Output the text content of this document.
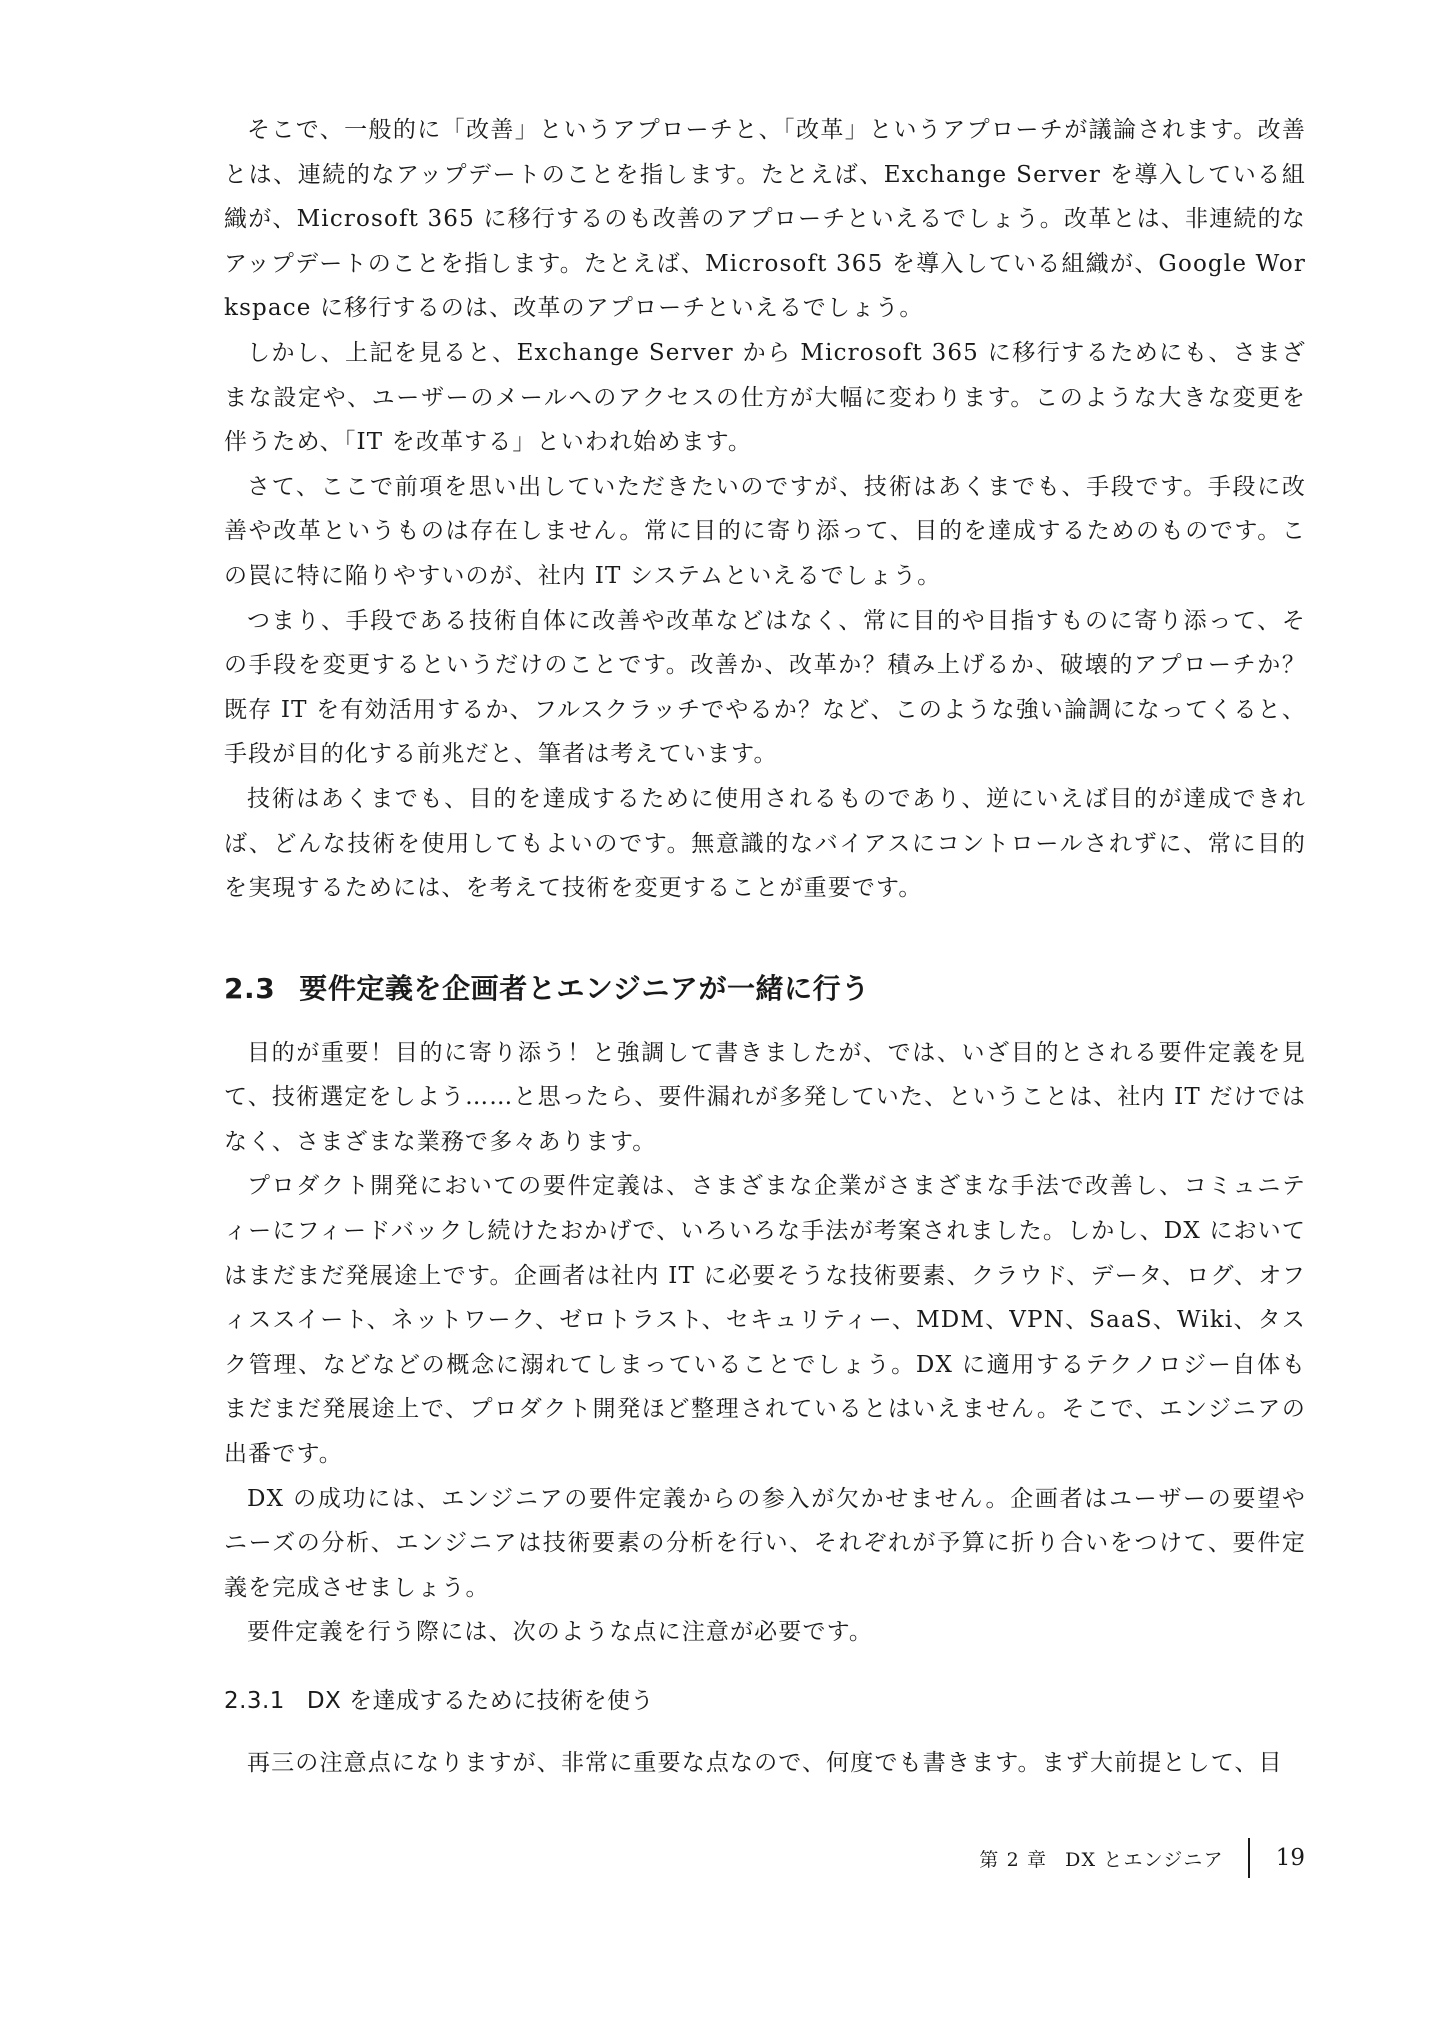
そこで、一般的に「改善」というアプローチと、「改革」というアプローチが議論されます。改善とは、連続的なアップデートのことを指します。たとえば、Exchange Server を導入している組織が、Microsoft 365 に移行するのも改善のアプローチといえるでしょう。改革とは、非連続的なアップデートのことを指します。たとえば、Microsoft 365 を導入している組織が、Google Workspace に移行するのは、改革のアプローチといえるでしょう。

しかし、上記を見ると、Exchange Server から Microsoft 365 に移行するためにも、さまざまな設定や、ユーザーのメールへのアクセスの仕方が大幅に変わります。このような大きな変更を伴うため、「IT を改革する」といわれ始めます。

さて、ここで前項を思い出していただきたいのですが、技術はあくまでも、手段です。手段に改善や改革というものは存在しません。常に目的に寄り添って、目的を達成するためのものです。この罠に特に陥りやすいのが、社内 IT システムといえるでしょう。

つまり、手段である技術自体に改善や改革などはなく、常に目的や目指すものに寄り添って、その手段を変更するというだけのことです。改善か、改革か？積み上げるか、破壊的アプローチか？既存 IT を有効活用するか、フルスクラッチでやるか？など、このような強い論調になってくると、手段が目的化する前兆だと、筆者は考えています。

技術はあくまでも、目的を達成するために使用されるものであり、逆にいえば目的が達成できれば、どんな技術を使用してもよいのです。無意識的なバイアスにコントロールされずに、常に目的を実現するためには、を考えて技術を変更することが重要です。

2.3 要件定義を企画者とエンジニアが一緒に行う

目的が重要！目的に寄り添う！と強調して書きましたが、では、いざ目的とされる要件定義を見て、技術選定をしよう……と思ったら、要件漏れが多発していた、ということは、社内 IT だけではなく、さまざまな業務で多々あります。

プロダクト開発においての要件定義は、さまざまな企業がさまざまな手法で改善し、コミュニティーにフィードバックし続けたおかげで、いろいろな手法が考案されました。しかし、DX においてはまだまだ発展途上です。企画者は社内 IT に必要そうな技術要素、クラウド、データ、ログ、オフィススイート、ネットワーク、ゼロトラスト、セキュリティー、MDM、VPN、SaaS、Wiki、タスク管理、などなどの概念に溺れてしまっていることでしょう。DX に適用するテクノロジー自体もまだまだ発展途上で、プロダクト開発ほど整理されているとはいえません。そこで、エンジニアの出番です。

DX の成功には、エンジニアの要件定義からの参入が欠かせません。企画者はユーザーの要望やニーズの分析、エンジニアは技術要素の分析を行い、それぞれが予算に折り合いをつけて、要件定義を完成させましょう。

要件定義を行う際には、次のような点に注意が必要です。

2.3.1 DX を達成するために技術を使う

再三の注意点になりますが、非常に重要な点なので、何度でも書きます。まず大前提として、目

第 2 章 DX とエンジニア 19
